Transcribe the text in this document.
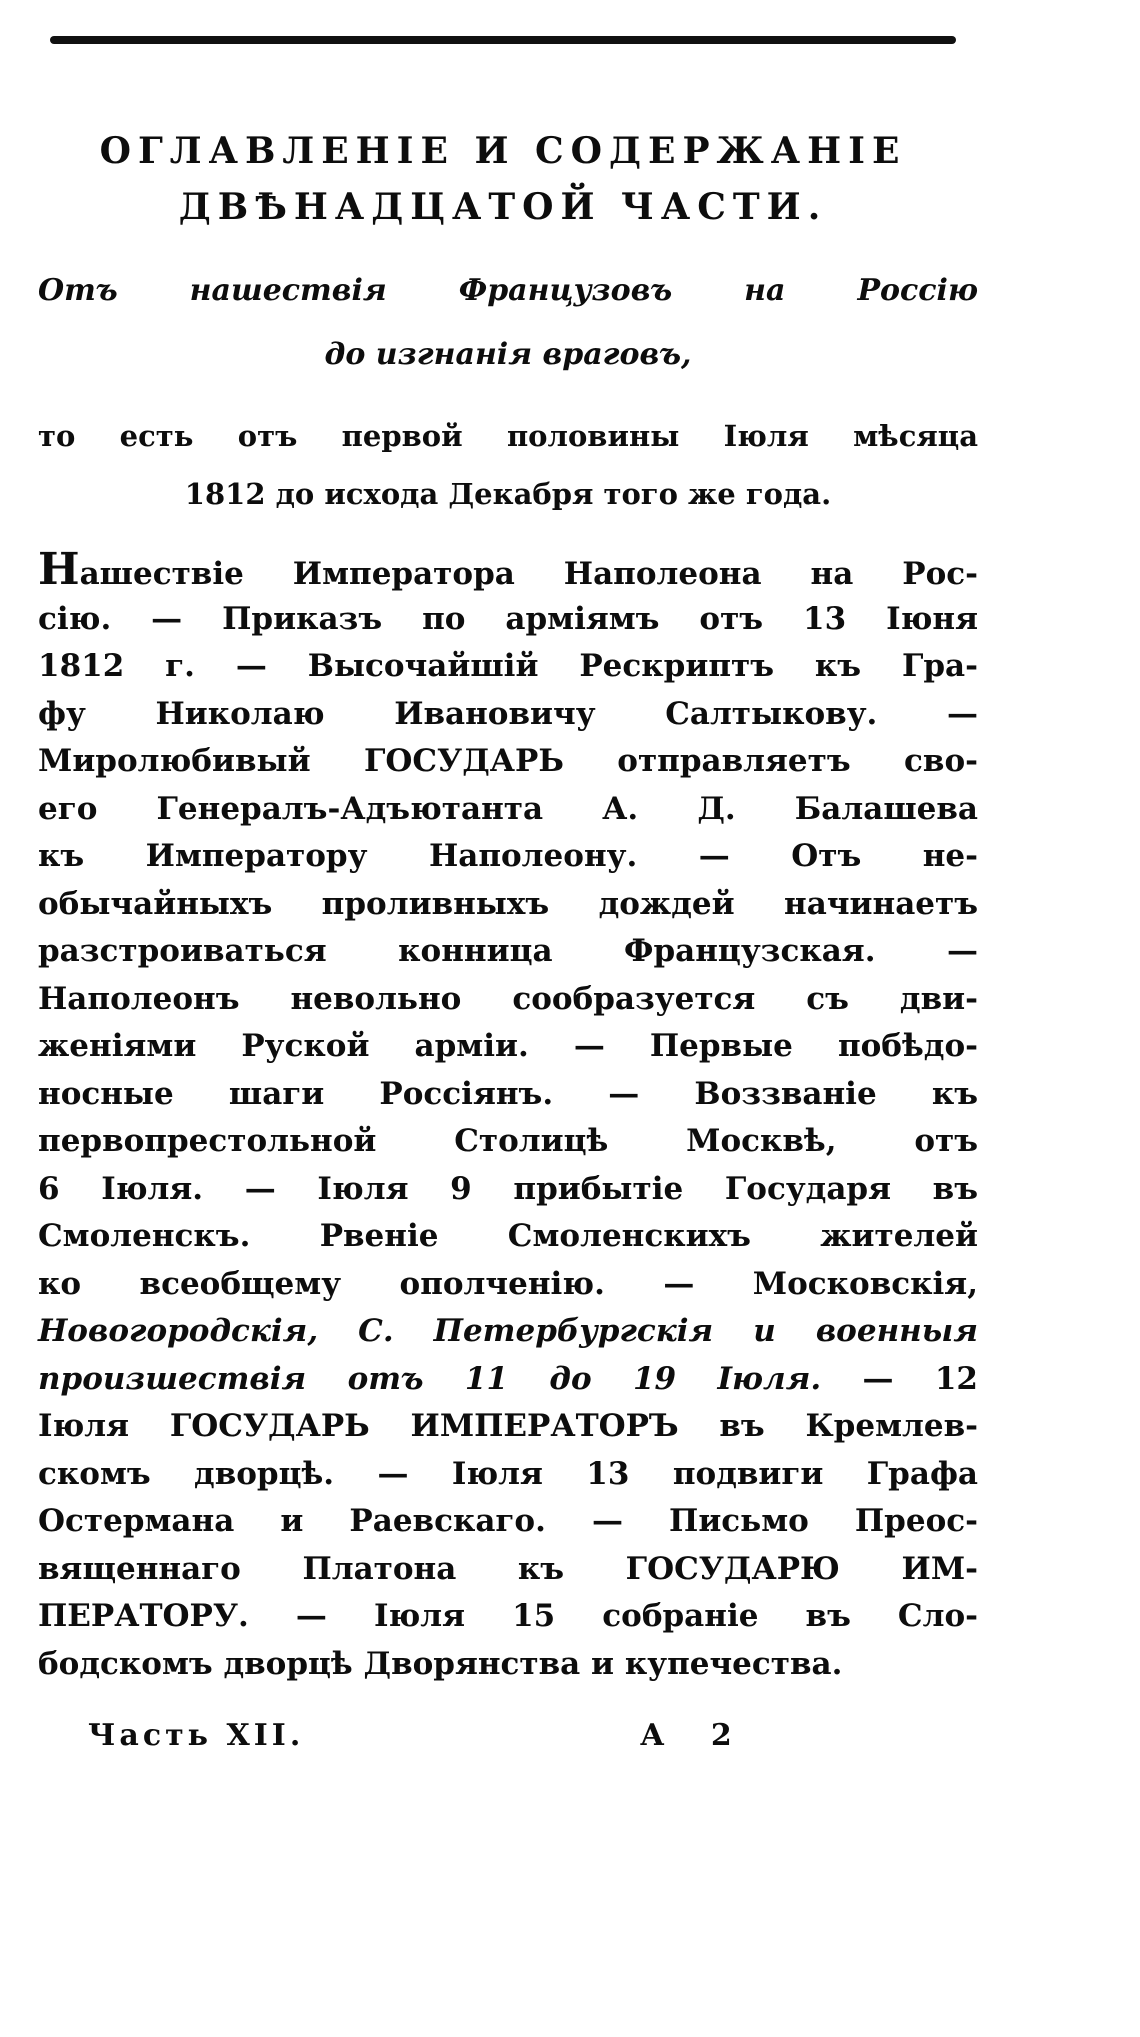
ОГЛАВЛЕНІЕ И СОДЕРЖАНІЕ
ДВѢНАДЦАТОЙ ЧАСТИ.
Отъ нашествія Французовъ на Россію
до изгнанія враговъ,
то есть отъ первой половины Іюля мѣсяца
1812 до исхода Декабря того же года.
Нашествіе Императора Наполеона на Рос-
сію. — Приказъ по арміямъ отъ 13 Іюня
1812 г. — Высочайшій Рескриптъ къ Гра-
фу Николаю Ивановичу Салтыкову. —
Миролюбивый ГОСУДАРЬ отправляетъ сво-
его Генералъ-Адъютанта А. Д. Балашева
къ Императору Наполеону. — Отъ не-
обычайныхъ проливныхъ дождей начинаетъ
разстроиваться конница Французская. —
Наполеонъ невольно сообразуется съ дви-
женіями Руской арміи. — Первые побѣдо-
носные шаги Россіянъ. — Воззваніе къ
первопрестольной Столицѣ Москвѣ, отъ
6 Іюля. — Іюля 9 прибытіе Государя въ
Смоленскъ. Рвеніе Смоленскихъ жителей
ко всеобщему ополченію. — Московскія,
Новогородскія, С. Петербургскія и военныя
произшествія отъ 11 до 19 Іюля. — 12
Іюля ГОСУДАРЬ ИМПЕРАТОРЪ въ Кремлев-
скомъ дворцѣ. — Іюля 13 подвиги Графа
Остермана и Раевскаго. — Письмо Преос-
вященнаго Платона къ ГОСУДАРЮ ИМ-
ПЕРАТОРУ. — Іюля 15 собраніе въ Сло-
бодскомъ дворцѣ Дворянства и купечества.
Часть XII.	А 2
